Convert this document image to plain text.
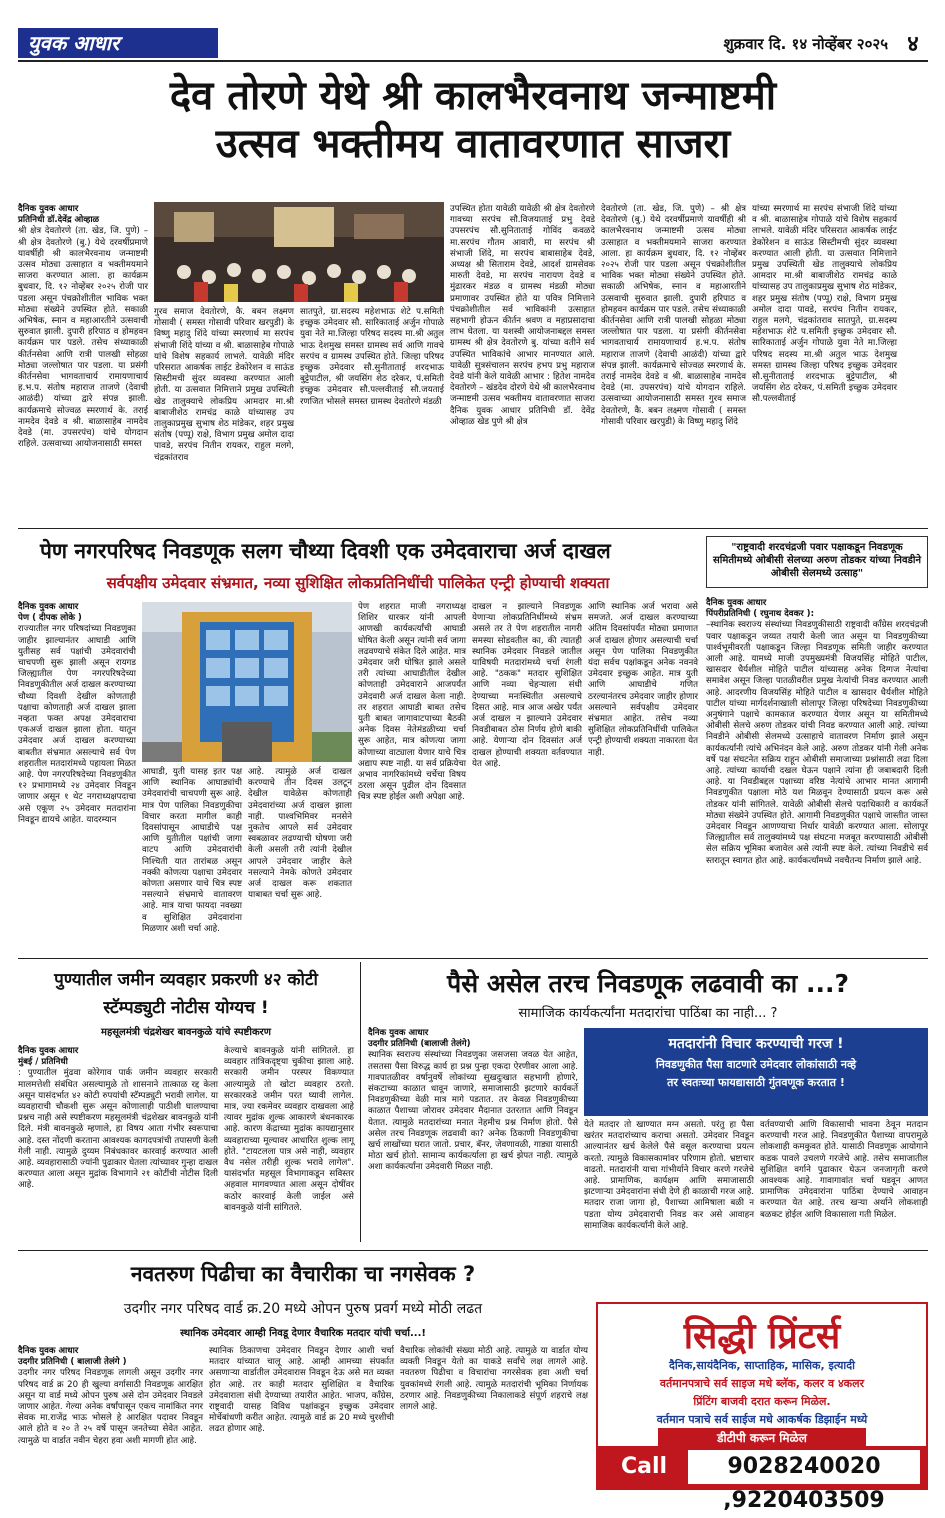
युवक आधार	शुक्रवार दि. १४ नोव्हेंबर २०२५ ४
देव तोरणे येथे श्री कालभैरवनाथ जन्माष्टमी
उत्सव भक्तीमय वातावरणात साजरा
दैनिक युवक आधार
प्रतिनिधी डॉ.देवेंद्र ओव्हाळ
श्री क्षेत्र देवतोरणे (ता. खेड, जि. पुणे) – श्री क्षेत्र देवतोरणे (बु.) येथे दरवर्षीप्रमाणे यावर्षीही श्री कालभैरवनाथ जन्माष्टमी उत्सव मोठ्या उत्साहात व भक्तीमयमाने साजरा करण्यात आला. हा कार्यक्रम बुधवार, दि. १२ नोव्हेंबर २०२५ रोजी पार पडला असून पंचक्रोशीतील भाविक भक्त मोठ्या संख्येने उपस्थित होते. सकाळी अभिषेक, स्नान व महाआरतीने उत्सवाची सुरुवात झाली. दुपारी हरिपाठ व होमहवन कार्यक्रम पार पडले. तसेच संध्याकाळी कीर्तनसेवा आणि रात्री पालखी सोहळा मोठ्या जल्लोषात पार पडला. या प्रसंगी कीर्तनसेवा भागवताचार्य रामायणाचार्य ह.भ.प. संतोष महाराज ताजणे (देवाची आळंदी) यांच्या द्वारे संपन्न झाली. कार्यक्रमाचे सोज्वळ स्मरणार्थ के. तराई नामदेव देवडे व श्री. बाळासाहेब नामदेव देवडे (मा. उपसरपंच) यांचे योगदान राहिले. उत्सवाच्या आयोजनासाठी समस्त
गुरव समाज देवतोरणे, कै. बबन लक्ष्मण गोसावी ( समस्त गोसावी परिवार खरपुडी) के विष्णु महादु शिंदे यांच्या स्मरणार्थ मा सरपंच संभाजी शिंदे यांच्या व श्री. बाळासाहेब गोपाळे यांचे विशेष सहकार्य लाभले. यावेळी मंदिर परिसरात आकर्षक लाईट डेकोरेशन व साऊंड सिस्टीमची सुंदर व्यवस्था करण्यात आली होती. या उत्सवात निमित्ताने प्रमुख उपस्थिती खेड तालुक्याचे लोकप्रिय आमदार मा.श्री बाबाजीशेठ रामचंद्र काळे यांच्यासह उप तालुकाप्रमुख सुभाष शेठ मांडेकर, शहर प्रमुख संतोष (पप्पू) राक्षे, विभाग प्रमुख अमोल दादा पावडे, सरपंच नितीन रायकर, राहुल मलगे, चंद्रकांतराव
सातपुते, ग्रा.सदस्य महेशभाऊ शेटे प.समिती इच्छुक उमेदवार सौ. सारिकाताई अर्जुन गोपाळे युवा नेते मा.जिल्हा परिषद सदस्य मा.श्री अतुल भाऊ देशमुख समस्त ग्रामस्थ सर्व आणि गावचे सरपंच व ग्रामस्थ उपस्थित होते. जिल्हा परिषद इच्छुक उमेदवार सौ.सुनीताताई शरदभाऊ बुट्टेपाटील, श्री जयसिंग शेठ दरेकर, पं.समिती इच्छुक उमेदवार सौ.पल्लवीताई सौ.जयताई रणजित भोसले समस्त ग्रामस्थ देवतोरणे मंडळी
उपस्थित होता यावेळी यावेळी श्री क्षेत्र देवतोरणे गावच्या सरपंच सौ.विजयाताई प्रभु देवडे उपसरपंच सौ.सुनिताताई गोविंद कवळदे मा.सरपंच गौतम आवारी, मा सरपंच श्री संभाजी शिंदे, मा सरपंच बाबासाहेब देवडे, अध्यक्ष श्री सिताराम देवडे, आदर्श ग्रामसेवक मारुती देवडे, मा सरपंच नारायण देवडे व मुंढारकर मंडळ व ग्रामस्थ मंडळी मोठ्या प्रमाणावर उपस्थित होते या पवित्र निमित्ताने पंचक्रोशीतील सर्व भाविकांनी उत्साहात सहभागी होऊन कीर्तन श्रवण व महाप्रसादाचा लाभ घेतला. या यशस्वी आयोजनाबद्दल समस्त ग्रामस्थ श्री क्षेत्र देवतोरणे बु. यांच्या वतीने सर्व उपस्थित भाविकांचे आभार मानण्यात आले. यावेळी सुत्रसंचालन सरपंच हभप प्रभु महाराज देवडे यांनी केले यावेळी आभार : हितेश नामदेव देवतोरणे – खंडदेव दोरणे येथे श्री कालभैरवनाथ जन्माष्टमी उत्सव भक्तीमय वातावरणात साजरा दैनिक युवक आधार प्रतिनिधी डॉ. देवेंद्र ओव्हाळ खेड पुणे श्री क्षेत्र
देवतोरणे (ता. खेड, जि. पुणे) – श्री क्षेत्र देवतोरणे (बु.) येथे दरवर्षीप्रमाणे यावर्षीही श्री कालभैरवनाथ जन्माष्टमी उत्सव मोठ्या उत्साहात व भक्तीमयमाने साजरा करण्यात आला. हा कार्यक्रम बुधवार, दि. १२ नोव्हेंबर २०२५ रोजी पार पडला असून पंचक्रोशीतील भाविक भक्त मोठ्या संख्येने उपस्थित होते. सकाळी अभिषेक, स्नान व महाआरतीने उत्सवाची सुरुवात झाली. दुपारी हरिपाठ व होमहवन कार्यक्रम पार पडले. तसेच संध्याकाळी कीर्तनसेवा आणि रात्री पालखी सोहळा मोठ्या जल्लोषात पार पडला. या प्रसंगी कीर्तनसेवा भागवताचार्य रामायणाचार्य ह.भ.प. संतोष महाराज ताजणे (देवाची आळंदी) यांच्या द्वारे संपन्न झाली. कार्यक्रमाचे सोज्वळ स्मरणार्थ के. तराई नामदेव देवडे व श्री. बाळासाहेब नामदेव देवडे (मा. उपसरपंच) यांचे योगदान राहिले. उत्सवाच्या आयोजनासाठी समस्त गुरव समाज देवतोरणे, कै. बबन लक्ष्मण गोसावी ( समस्त गोसावी परिवार खरपुडी) के विष्णु महादु शिंदे
यांच्या स्मरणार्थ मा सरपंच संभाजी शिंदे यांच्या व श्री. बाळासाहेब गोपाळे यांचे विशेष सहकार्य लाभले. यावेळी मंदिर परिसरात आकर्षक लाईट डेकोरेशन व साऊंड सिस्टीमची सुंदर व्यवस्था करण्यात आली होती. या उत्सवात निमित्ताने प्रमुख उपस्थिती खेड तालुक्याचे लोकप्रिय आमदार मा.श्री बाबाजीशेठ रामचंद्र काळे यांच्यासह उप तालुकाप्रमुख सुभाष शेठ मांडेकर, शहर प्रमुख संतोष (पप्पू) राक्षे, विभाग प्रमुख अमोल दादा पावडे, सरपंच नितीन रायकर, राहुल मलगे, चंद्रकांतराव सातपुते, ग्रा.सदस्य महेशभाऊ शेटे प.समिती इच्छुक उमेदवार सौ. सारिकाताई अर्जुन गोपाळे युवा नेते मा.जिल्हा परिषद सदस्य मा.श्री अतुल भाऊ देशमुख समस्त ग्रामस्थ जिल्हा परिषद इच्छुक उमेदवार सौ.सुनीताताई शरदभाऊ बुट्टेपाटील, श्री जयसिंग शेठ दरेकर, पं.समिती इच्छुक उमेदवार सौ.पल्लवीताई
पेण नगरपरिषद निवडणूक सलग चौथ्या दिवशी एक उमेदवाराचा अर्ज दाखल
सर्वपक्षीय उमेदवार संभ्रमात, नव्या सुशिक्षित लोकप्रतिनिधींची पालिकेत एन्ट्री होण्याची शक्यता
दैनिक युवक आधार
पेण ( दीपक लोके )
राज्यातील नगर परिषदांच्या निवडणुका जाहीर झाल्यानंतर आघाडी आणि युतीसह सर्व पक्षांची उमेदवारांची चाचपणी सुरू झाली असून रायगड जिल्ह्यातील पेण नगरपरिषदेच्या निवडणुकीतील अर्ज दाखल करण्याच्या चौथ्या दिवशी देखील कोणताही पक्षाचा कोणताही अर्ज दाखल झाला नव्हता फक्त अपक्ष उमेदवाराचा एकअर्ज दाखल झाला होता. यातून उमेदवार अर्ज दाखल करण्याच्या बाबतीत संभ्रमात असल्याचे सर्व पेण शहरातील मतदारांमध्ये पहायला मिळत आहे. पेण नगरपरिषदेच्या निवडणुकीत १२ प्रभागामध्ये २४ उमेदवार निवडून जाणार असून १ थेट नगराध्यक्षपदाचा असे एकूण २५ उमेदवार मतदारांना निवडून द्यायचे आहेत. यादरम्यान
आघाडी, युती यासह इतर पक्ष आणि स्थानिक आघाड्यांची उमेदवारांची चाचपणी सुरू आहे. मात्र पेण पालिका निवडणुकीचा विचार करता मागील काही दिवसांपासून आघाडीचे पक्ष आणि युतीतील पक्षांची जागा वाटप आणि उमेदवारांची निश्चिती यात तारांबळ असून नक्की कोणत्या पक्षाचा उमेदवार कोणता असणार याचे चित्र स्पष्ट नसल्याने संभ्रमाचे वातावरण आहे. मात्र याचा फायदा नवख्या व सुशिक्षित उमेदवारांना मिळणार अशी चर्चा आहे.
आहे. त्यामुळे अर्ज दाखल करण्याचे तीन दिवस उलटून देखील यावेळेस कोणताही उमेदवारांच्या अर्ज दाखल झाला नाही. पाश्वभिमिवर मनसेने नुकतेच आपले सर्व उमेदवार स्वबळावर लढण्याची घोषणा जरी केली असली तरी त्यांनी देखील आपले उमेदवार जाहीर केले नसल्याने नेमके कोणते उमेदवार अर्ज दाखल करू शकतात याबाबत चर्चा सुरू आहे.
पेण शहरात माजी नगराध्यक्ष शिशिर धारकर यांनी आपली आणखी कार्यकर्त्यांची आघाडी घोषित केली असून त्यांनी सर्व जागा लढवण्याचे संकेत दिले आहेत. मात्र उमेदवार जरी घोषित झाले असले तरी त्यांच्या आघाडीतील देखील कोणताही उमेदवाराने आजपर्यंत उमेदवारी अर्ज दाखल केला नाही. तर शहरात आघाडी बाबत तसेच युती बाबत जागावाटपाच्या बैठकी अनेक दिवस नेतेमंडळीच्या चर्चा सुरू आहेत, मात्र कोणत्या जागा कोणाच्या वाट्याला येणार याचे चित्र अद्याप स्पष्ट नाही. या सर्व प्रक्रियेचा अभाव नागरिकांमध्ये चर्चेचा विषय ठरला असून पुढील दोन दिवसात चित्र स्पष्ट होईल अशी अपेक्षा आहे.
दाखल न झाल्याने निवडणूक येणाऱ्या लोकप्रतिनिधींमध्ये संभ्रम असले तर ते पेण शहरातील नागरी समस्या सोडवतील का, की त्यातही स्थानिक उमेदवार निवडले जातील याविषयी मतदारांमध्ये चर्चा रंगली आहे. "ठकक" मतदार सुशिक्षित आणि नव्या चेहऱ्याला संधी देण्याच्या मनःस्थितीत असल्याचे दिसत आहे. मात्र आज अखेर पर्यंत अर्ज दाखल न झाल्याने उमेदवार निवडीबाबत ठोस निर्णय होणे बाकी आहे. येणाऱ्या दोन दिवसांत अर्ज दाखल होण्याची शक्यता वर्तवण्यात येत आहे.
आणि स्थानिक अर्ज भरावा असे समजते. अर्ज दाखल करण्याच्या अंतिम दिवसांपर्यंत मोठ्या प्रमाणात अर्ज दाखल होणार असल्याची चर्चा असून पेण पालिका निवडणुकीत यंदा सर्वच पक्षांकडून अनेक नवनवे उमेदवार इच्छुक आहेत. मात्र युती आणि आघाडीचे गणित ठरल्यानंतरच उमेदवार जाहीर होणार असल्याने सर्वपक्षीय उमेदवार संभ्रमात आहेत. तसेच नव्या सुशिक्षित लोकप्रतिनिधींची पालिकेत एन्ट्री होण्याची शक्यता नाकारता येत नाही.
"राष्ट्रवादी शरदचंद्रजी पवार पक्षाकडून निवडणूक समितीमध्ये ओबीसी सेलच्या अरुण तोडकर यांच्या निवडीने ओबीसी सेलमध्ये उत्साह"
दैनिक युवक आधार
पिंपरीप्रतिनिधी ( रघुनाथ देवकर ):
–स्थानिक स्वराज्य संस्थांच्या निवडणुकीसाठी राष्ट्रवादी काँग्रेस शरदचंद्रजी पवार पक्षाकडून जय्यत तयारी केली जात असून या निवडणुकीच्या पार्श्वभूमीवरती पक्षाकडून जिल्हा निवडणूक समिती जाहीर करण्यात आली आहे. यामध्ये माजी उपमुख्यमंत्री विजयसिंह मोहिते पाटील, खासदार धैर्यशील मोहिते पाटील यांच्यासह अनेक दिग्गज नेत्यांचा समावेश असून जिल्हा पातळीवरील प्रमुख नेत्यांची निवड करण्यात आली आहे. आदरणीय विजयसिंह मोहिते पाटील व खासदार धैर्यशील मोहिते पाटील यांच्या मार्गदर्शनाखाली सोलापूर जिल्हा परिषदेच्या निवडणुकीच्या अनुषंगाने पक्षाचे कामकाज करण्यात येणार असून या समितीमध्ये ओबीसी सेलचे अरुण तोडकर यांची निवड करण्यात आली आहे. त्यांच्या निवडीने ओबीसी सेलमध्ये उत्साहाचे वातावरण निर्माण झाले असून कार्यकर्त्यांनी त्यांचे अभिनंदन केले आहे. अरुण तोडकर यांनी गेली अनेक वर्षे पक्ष संघटनेत सक्रिय राहून ओबीसी समाजाच्या प्रश्नांसाठी लढा दिला आहे. त्यांच्या कार्याची दखल घेऊन पक्षाने त्यांना ही जबाबदारी दिली आहे. या निवडीबद्दल पक्षाच्या वरिष्ठ नेत्यांचे आभार मानत आगामी निवडणुकीत पक्षाला मोठे यश मिळवून देण्यासाठी प्रयत्न करू असे तोडकर यांनी सांगितले. यावेळी ओबीसी सेलचे पदाधिकारी व कार्यकर्ते मोठ्या संख्येने उपस्थित होते. आगामी निवडणुकीत पक्षाचे जास्तीत जास्त उमेदवार निवडून आणण्याचा निर्धार यावेळी करण्यात आला. सोलापूर जिल्ह्यातील सर्व तालुक्यांमध्ये पक्ष संघटना मजबूत करण्यासाठी ओबीसी सेल सक्रिय भूमिका बजावेल असे त्यांनी स्पष्ट केले. त्यांच्या निवडीचे सर्व स्तरातून स्वागत होत आहे. कार्यकर्त्यांमध्ये नवचैतन्य निर्माण झाले आहे.
पुण्यातील जमीन व्यवहार प्रकरणी ४२ कोटी
स्टॅम्पड्युटी नोटीस योग्यच !
महसूलमंत्री चंद्रशेखर बावनकुळे यांचे स्पष्टीकरण
दैनिक युवक आधार
मुंबई / प्रतिनिधी
: पुण्यातील मुंढवा कोरेगाव पार्क जमीन व्यवहार सरकारी मालमत्तेशी संबंधित असल्यामुळे तो शासनाने तात्काळ रद्द केला असून यासंदर्भात ४२ कोटी रुपयांची स्टॅम्पड्युटी भरावी लागेल. या व्यवहाराची चौकशी सुरू असून कोणालाही पाठीशी घालण्याचा प्रश्नच नाही असे स्पष्टीकरण महसूलमंत्री चंद्रशेखर बावनकुळे यांनी दिले. मंत्री बावनकुळे म्हणाले, हा विषय आता गंभीर स्वरूपाचा आहे. दस्त नोंदणी करताना आवश्यक कागदपत्रांची तपासणी केली गेली नाही. त्यामुळे दुय्यम निबंधकावर कारवाई करण्यात आली आहे. व्यवहारासाठी ज्यांनी पुढाकार घेतला त्यांच्यावर गुन्हा दाखल करण्यात आला असून मुद्रांक विभागाने २१ कोटींची नोटीस दिली आहे.
केल्याचे बावनकुळे यांनी सांगितले. हा व्यवहार तांत्रिकदृष्ट्या चुकीचा झाला आहे. सरकारी जमीन परस्पर विकण्यात आल्यामुळे तो खोटा व्यवहार ठरतो. सरकारकडे जमीन परत घ्यावी लागेल. मात्र, ज्या रकमेवर व्यवहार दाखवला आहे त्यावर मुद्रांक शुल्क आकारणे बंधनकारक आहे. कारण केंद्राच्या मुद्रांक कायद्यानुसार व्यवहाराच्या मूल्यावर आधारित शुल्क लागू होते. "टायटलला पात्र असे नाही, व्यवहार वैध नसेल तरीही शुल्क भरावे लागेल". यासंदर्भात महसूल विभागाकडून सविस्तर अहवाल मागवण्यात आला असून दोषींवर कठोर कारवाई केली जाईल असे बावनकुळे यांनी सांगितले.
पैसे असेल तरच निवडणूक लढवावी का ...?
सामाजिक कार्यकर्त्यांना मतदारांचा पाठिंबा का नाही... ?
दैनिक युवक आधार
उदगीर प्रतिनिधी (बालाजी तेलंगे)
स्थानिक स्वराज्य संस्थांच्या निवडणुका जसजसा जवळ येत आहेत, तसतसा पैसा विरुद्ध कार्य हा प्रश्न पुन्हा एकदा ऐरणीवर आला आहे. गावपातळीवर वर्षानुवर्षे लोकांच्या सुखदुःखात सहभागी होणारे, संकटाच्या काळात धावून जाणारे, समाजासाठी झटणारे कार्यकर्ते निवडणुकीच्या वेळी मात्र मागे पडतात. तर केवळ निवडणुकीच्या काळात पैशाच्या जोरावर उमेदवार मैदानात उतरतात आणि निवडून येतात. त्यामुळे मतदारांच्या मनात नेहमीच प्रश्न निर्माण होतो. पैसे असेल तरच निवडणूक लढवावी का? अनेक ठिकाणी निवडणुकीचा खर्च लाखोंच्या घरात जातो. प्रचार, बॅनर, जेवणावळी, गाड्या यासाठी मोठा खर्च होतो. सामान्य कार्यकर्त्याला हा खर्च झेपत नाही. त्यामुळे अशा कार्यकर्त्यांना उमेदवारी मिळत नाही.
मतदारांनी विचार करण्याची गरज !
निवडणुकीत पैसा वाटणारे उमेदवार लोकांसाठी नव्हे
तर स्वतःच्या फायद्यासाठी गुंतवणूक करतात !
येते मतदार तो खाण्यात मग्न असतो. परंतु हा पैसा खरंतर मतदारांच्याच कराचा असतो. उमेदवार निवडून आल्यानंतर खर्च केलेले पैसे वसूल करण्याचा प्रयत्न करतो. त्यामुळे विकासकामांवर परिणाम होतो. भ्रष्टाचार वाढतो. मतदारांनी याचा गांभीर्याने विचार करणे गरजेचे आहे. प्रामाणिक, कार्यक्षम आणि समाजासाठी झटणाऱ्या उमेदवारांना संधी देणे ही काळाची गरज आहे. मतदार राजा जागा हो, पैशाच्या आमिषाला बळी न पडता योग्य उमेदवाराची निवड कर असे आवाहन सामाजिक कार्यकर्त्यांनी केले आहे.
वर्तवण्याची आणि विकासाची भावना ठेवून मतदान करण्याची गरज आहे. निवडणुकीत पैशाच्या वापरामुळे लोकशाही कमकुवत होते. यासाठी निवडणूक आयोगाने कडक पावले उचलणे गरजेचे आहे. तसेच समाजातील सुशिक्षित वर्गाने पुढाकार घेऊन जनजागृती करणे आवश्यक आहे. गावागावांत चर्चा घडवून आणत प्रामाणिक उमेदवारांना पाठिंबा देण्याचे आवाहन करण्यात येत आहे. तरच खऱ्या अर्थाने लोकशाही बळकट होईल आणि विकासाला गती मिळेल.
नवतरुण पिढीचा का वैचारीका चा नगसेवक ?
उदगीर नगर परिषद वार्ड क्र.20 मध्ये ओपन पुरुष प्रवर्ग मध्ये मोठी लढत
स्थानिक उमेदवार आम्ही निवडू देणार वैचारिक मतदार यांची चर्चा...!
दैनिक युवक आधार
उदगीर प्रतिनिधी ( बालाजी तेलंगे )
उदगीर नगर परिषद निवडणूक लागली असून उदगीर नगर परिषद वार्ड क्र 20 ही खुल्या वर्गासाठी निवडणूक आरक्षित असून या वार्ड मध्ये ओपन पुरुष असे दोन उमेदवार निवडले जाणार आहेत. गेल्या अनेक वर्षांपासून एकच नामांकित नगर सेवक मा.राजेंद्र भाऊ भोसले हे आरक्षित पदावर निवडून आले होते व २० ते २५ वर्षे पासून जनतेच्या सेवेत आहेत. त्यामुळे या वार्डात नवीन चेहरा हवा अशी मागणी होत आहे.
स्थानिक ठिकाणचा उमेदवार निवडून देणार आशी चर्चा मतदार यांच्यात चालू आहे. आम्ही आमच्या संपर्कात असणाऱ्या वार्डातील उमेदवारास निवडून देऊ असे मत व्यक्त होत आहे. तर काही मतदार सुशिक्षित व वैचारिक उमेदवाराला संधी देण्याच्या तयारीत आहेत. भाजप, काँग्रेस, राष्ट्रवादी यासह विविध पक्षांकडून इच्छुक उमेदवार मोर्चेबांधणी करीत आहेत. त्यामुळे वार्ड क्र 20 मध्ये चुरशीची लढत होणार आहे.
वैचारिक लोकांची संख्या मोठी आहे. त्यामुळे या वार्डात योग्य व्यक्ती निवडून येतो का याकडे सर्वांचे लक्ष लागले आहे. नवतरुण पिढीचा व विचारांचा नगरसेवक हवा अशी चर्चा युवकांमध्ये रंगली आहे. त्यामुळे मतदारांची भूमिका निर्णायक ठरणार आहे. निवडणुकीच्या निकालाकडे संपूर्ण शहराचे लक्ष लागले आहे.
सिद्धी प्रिंटर्स
दैनिक,सायंदैनिक, साप्ताहिक, मासिक, इत्यादी
वर्तमानपत्राचे सर्व साइज मधे ब्लॅक, कलर व ४कलर
प्रिंटिंग बाजवी दरात करून मिळेल.
वर्तमान पत्राचे सर्व साईज मधे आकर्षक डिझाईन मध्ये
डीटीपी करून मिळेल
Call	9028240020 ,9220403509
